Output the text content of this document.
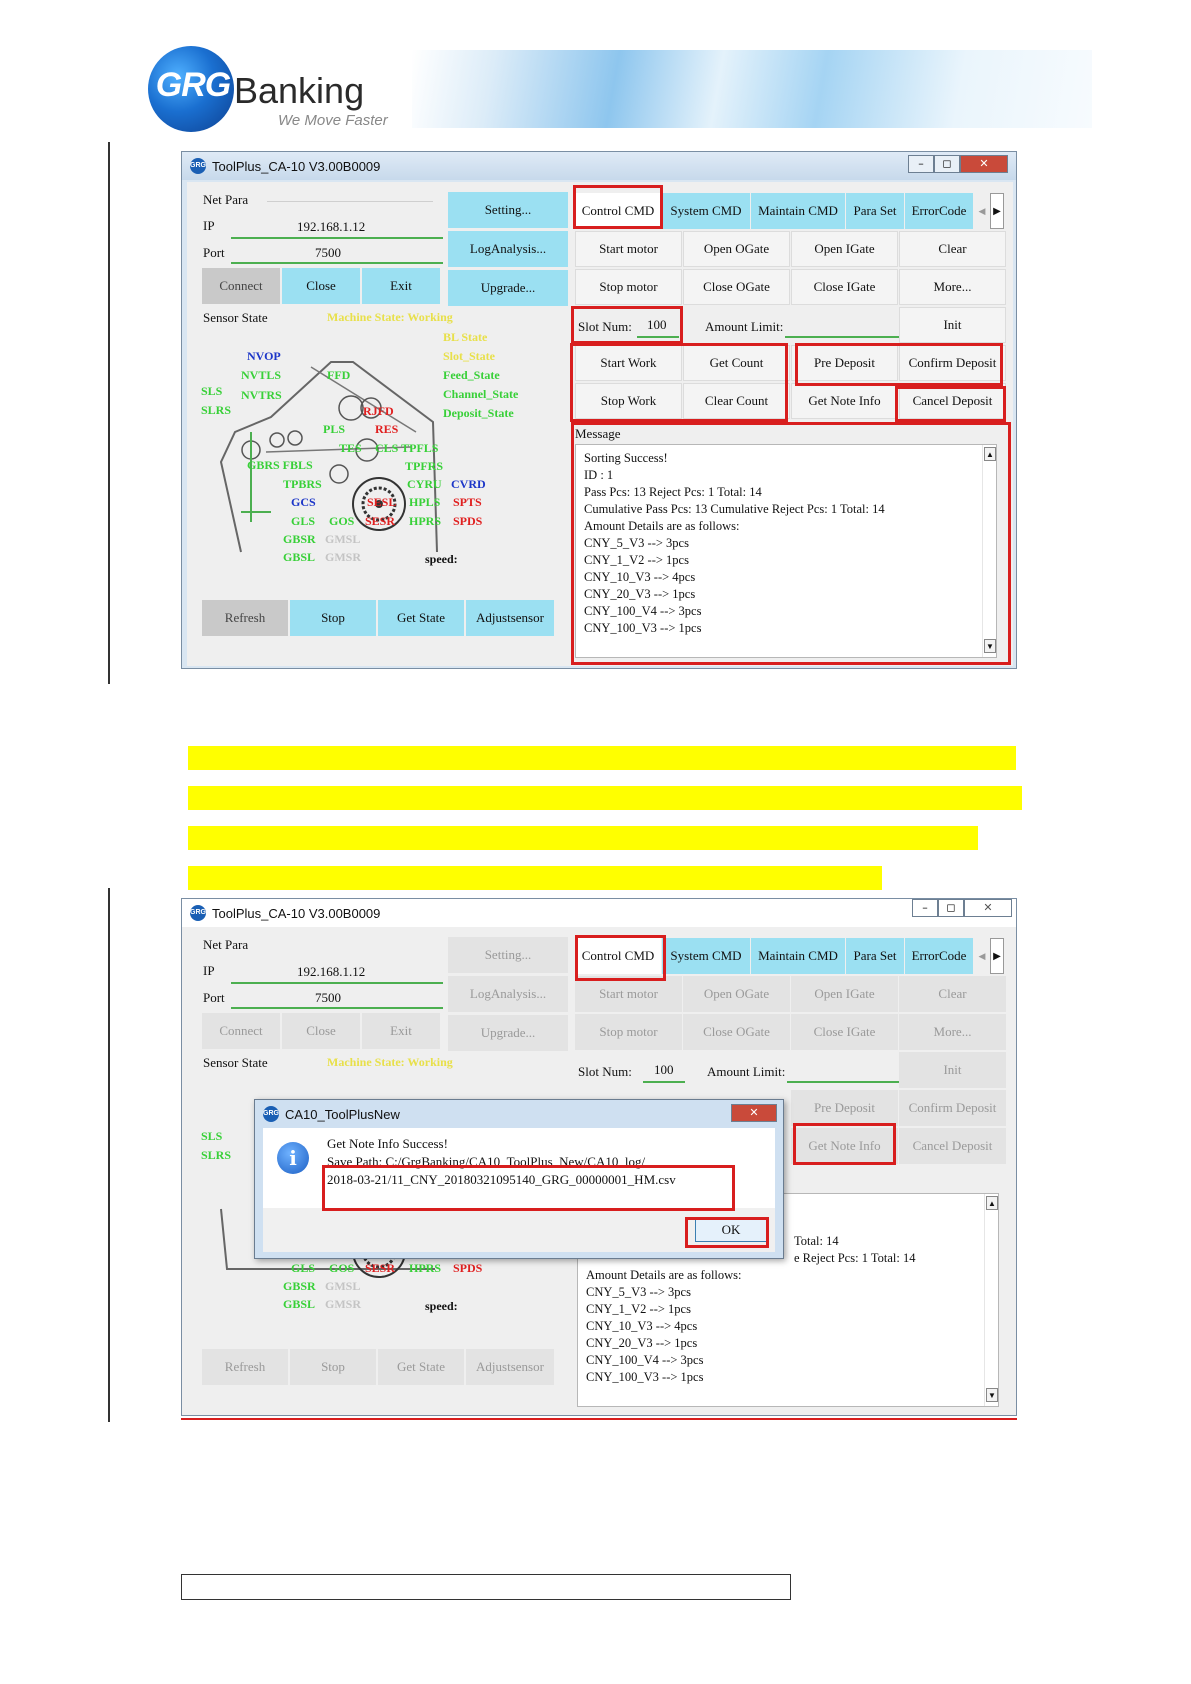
GRG Banking
We Move Faster
GRG ToolPlus_CA-10 V3.00B0009	–	◻	✕
Net Para
IP	192.168.1.12
Port	7500
Connect	Close	Exit
Setting...
LogAnalysis...
Upgrade...
Control CMD	System CMD	Maintain CMD	Para Set	ErrorCode	◀ ▶
Start motor	Open OGate	Open IGate	Clear
Stop motor	Close OGate	Close IGate	More...
Slot Num: 100	Amount Limit:	Init
Start Work	Get Count	Pre Deposit	Confirm Deposit
Stop Work	Clear Count	Get Note Info	Cancel Deposit
Message
Sorting Success!
ID : 1
Pass Pcs: 13 Reject Pcs: 1 Total: 14
Cumulative Pass Pcs: 13 Cumulative Reject Pcs: 1 Total: 14
Amount Details are as follows:
CNY_5_V3 --> 3pcs
CNY_1_V2 --> 1pcs
CNY_10_V3 --> 4pcs
CNY_20_V3 --> 1pcs
CNY_100_V4 --> 3pcs
CNY_100_V3 --> 1pcs
▲
▼
Sensor State	Machine State: Working
BL State
Slot_State
Feed_State
Channel_State
Deposit_State
NVOP
NVTLS
SLS NVTRS
SLRS
FFD
RJFD
RES
PLS
TES CLS TPFLS
GBRS FBLS	TPFRS
TPBRS	CYRU CVRD
GCS	SESL HPLS SPTS
GLS GOS SESR HPRS SPDS
GBSR GMSL
GBSL GMSR	speed:
Refresh	Stop	Get State	Adjustsensor
GRG ToolPlus_CA-10 V3.00B0009	–	◻	✕
Net Para
IP	192.168.1.12
Port	7500
Connect	Close	Exit
Setting...
LogAnalysis...
Upgrade...
Control CMD	System CMD	Maintain CMD	Para Set	ErrorCode	◀ ▶
Start motor	Open OGate	Open IGate	Clear
Stop motor	Close OGate	Close IGate	More...
Slot Num: 100	Amount Limit:	Init
Pre Deposit	Confirm Deposit
Get Note Info	Cancel Deposit
Total: 14
e Reject Pcs: 1 Total: 14
Amount Details are as follows:
CNY_5_V3 --> 3pcs
CNY_1_V2 --> 1pcs
CNY_10_V3 --> 4pcs
CNY_20_V3 --> 1pcs
CNY_100_V4 --> 3pcs
CNY_100_V3 --> 1pcs
▲
▼
Sensor State	Machine State: Working
SLS
SLRS
GLS GOS SESR HPRS SPDS
GBSR GMSL
GBSL GMSR	speed:
Refresh	Stop	Get State	Adjustsensor
GRG CA10_ToolPlusNew	✕
i
Get Note Info Success!
Save Path: C:/GrgBanking/CA10_ToolPlus_New/CA10_log/
2018-03-21/11_CNY_20180321095140_GRG_00000001_HM.csv
OK
